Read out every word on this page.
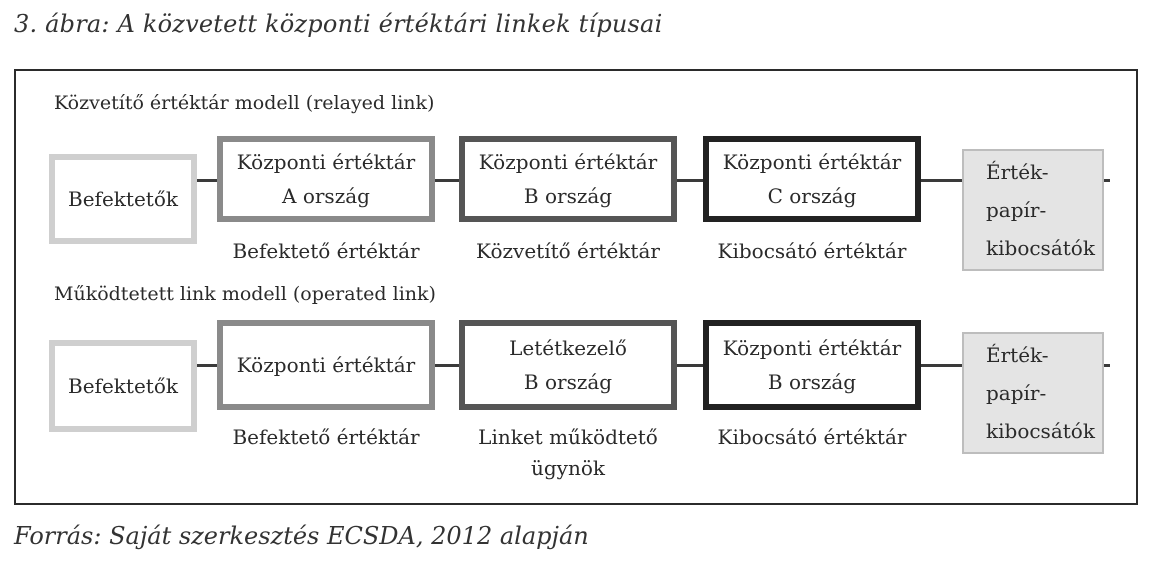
3. ábra: A közvetett központi értéktári linkek típusai
Közvetítő értéktár modell (relayed link)
Befektetők
Központi értéktár
A ország
Központi értéktár
B ország
Központi értéktár
C ország
Érték-
papír-
kibocsátók
Befektető értéktár	Közvetítő értéktár	Kibocsátó értéktár
Működtetett link modell (operated link)
Befektetők
Központi értéktár
Letétkezelő
B ország
Központi értéktár
B ország
Érték-
papír-
kibocsátók
Befektető értéktár	Linket működtető
ügynök
Kibocsátó értéktár
Forrás: Saját szerkesztés ECSDA, 2012 alapján
